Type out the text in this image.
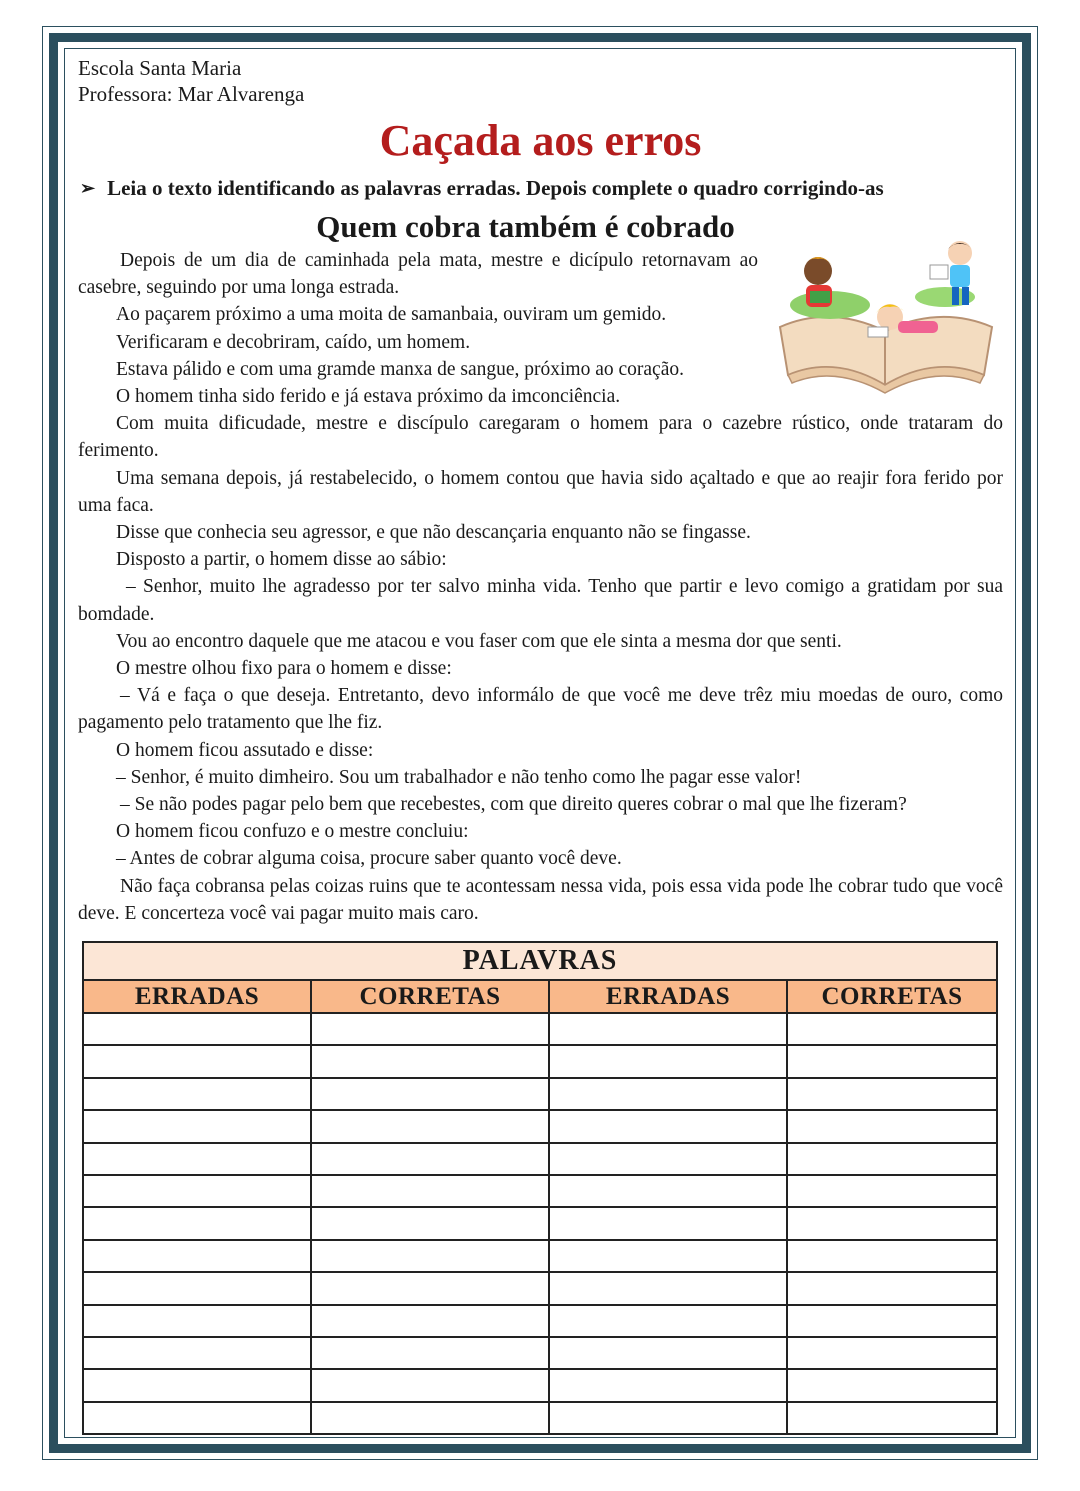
Escola Santa Maria

Professora: Mar Alvarenga

Caçada aos erros
➢ Leia o texto identificando as palavras erradas. Depois complete o quadro corrigindo-as
Quem cobra também é cobrado

Depois de um dia de caminhada pela mata, mestre e dicípulo retornavam ao casebre, seguindo por uma longa estrada.

Ao paçarem próximo a uma moita de samanbaia, ouviram um gemido.

Verificaram e decobriram, caído, um homem.

Estava pálido e com uma gramde manxa de sangue, próximo ao coração.

O homem tinha sido ferido e já estava próximo da imconciência.

Com muita dificudade, mestre e discípulo caregaram o homem para o cazebre rústico, onde trataram do ferimento.

Uma semana depois, já restabelecido, o homem contou que havia sido açaltado e que ao reajir fora ferido por uma faca.

Disse que conhecia seu agressor, e que não descançaria enquanto não se fingasse.

Disposto a partir, o homem disse ao sábio:

– Senhor, muito lhe agradesso por ter salvo minha vida. Tenho que partir e levo comigo a gratidam por sua bomdade.

Vou ao encontro daquele que me atacou e vou faser com que ele sinta a mesma dor que senti.

O mestre olhou fixo para o homem e disse:

– Vá e faça o que deseja. Entretanto, devo informálo de que você me deve trêz miu moedas de ouro, como pagamento pelo tratamento que lhe fiz.

O homem ficou assutado e disse:

– Senhor, é muito dimheiro. Sou um trabalhador e não tenho como lhe pagar esse valor!

– Se não podes pagar pelo bem que recebestes, com que direito queres cobrar o mal que lhe fizeram?

O homem ficou confuzo e o mestre concluiu:

– Antes de cobrar alguma coisa, procure saber quanto você deve.

Não faça cobransa pelas coizas ruins que te acontessam nessa vida, pois essa vida pode lhe cobrar tudo que você deve. E concerteza você vai pagar muito mais caro.

PALAVRAS			
ERRADAS	CORRETAS	ERRADAS	CORRETAS
